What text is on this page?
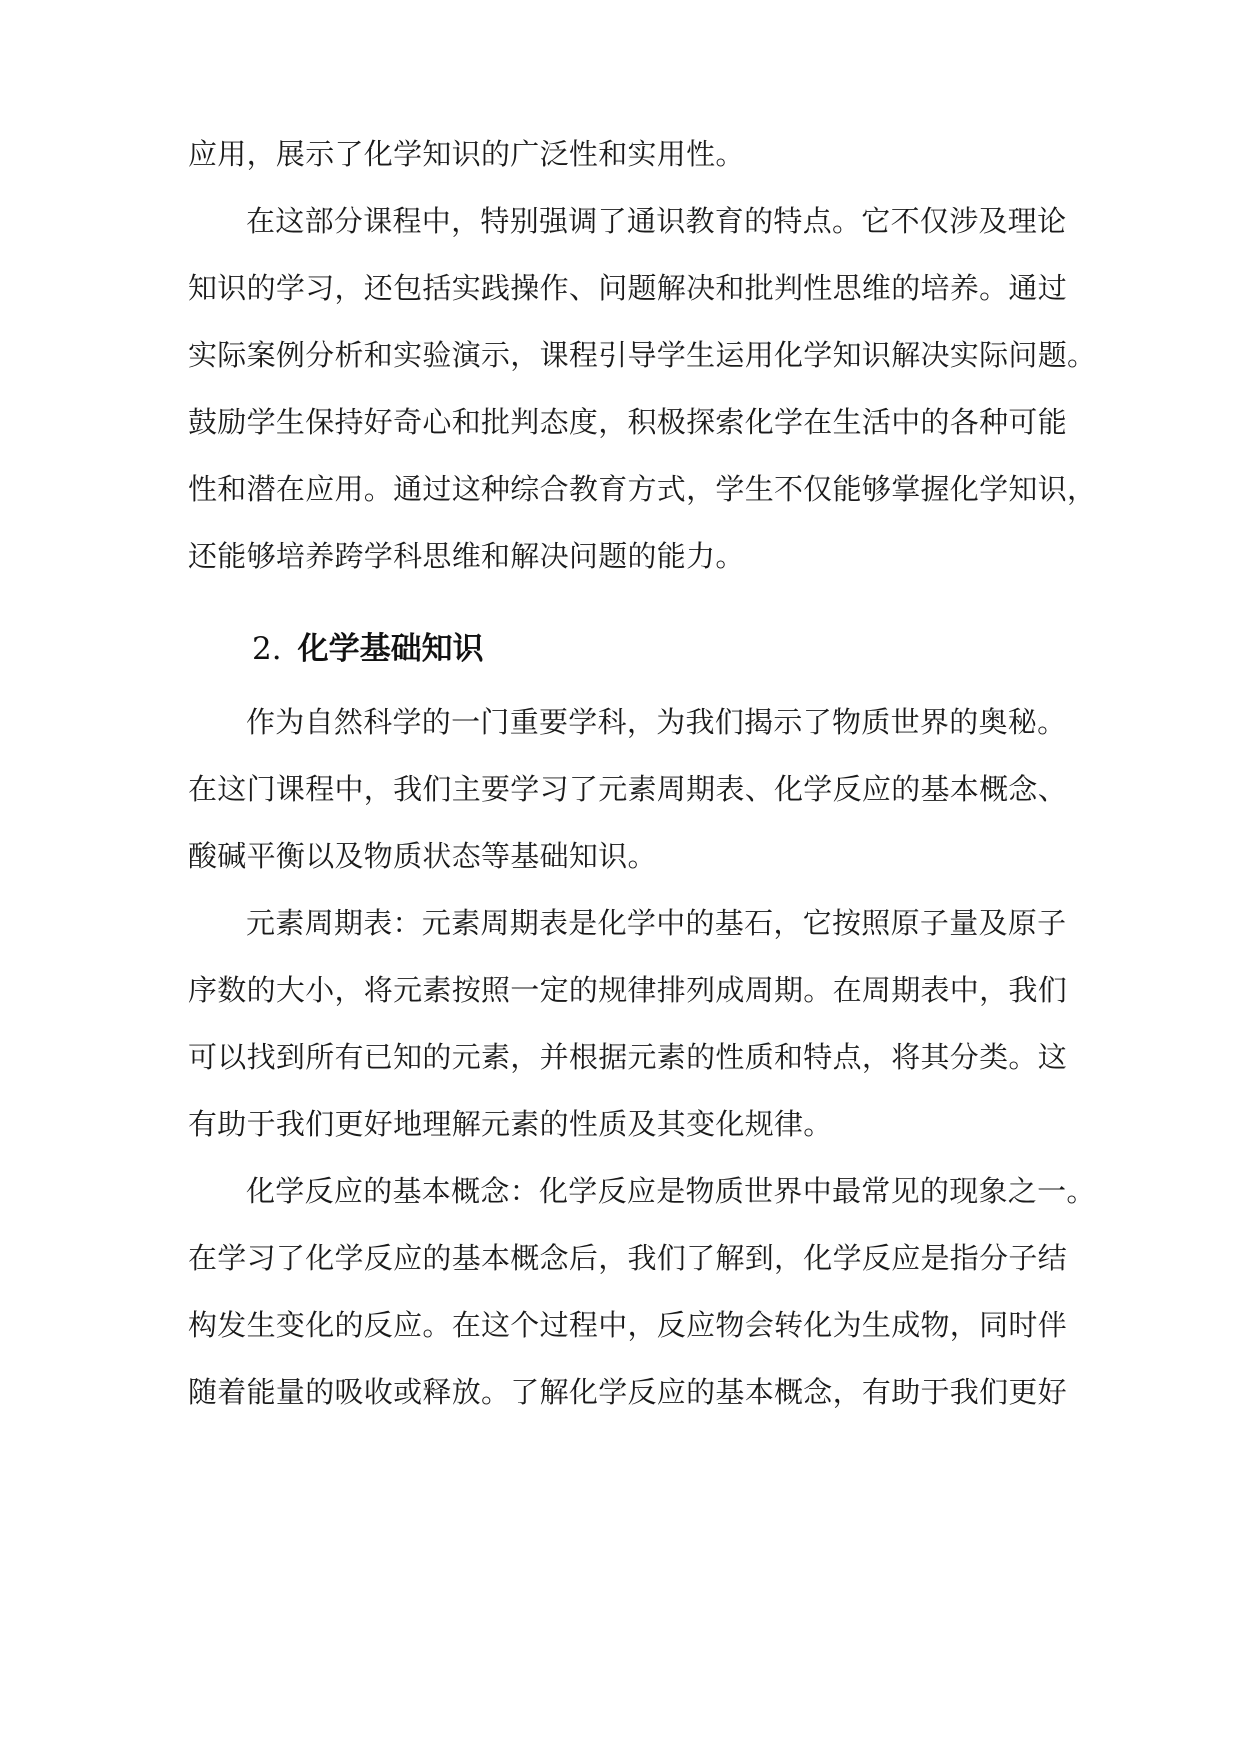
应用，展示了化学知识的广泛性和实用性。

在这部分课程中，特别强调了通识教育的特点。它不仅涉及理论

知识的学习，还包括实践操作、问题解决和批判性思维的培养。通过

实际案例分析和实验演示，课程引导学生运用化学知识解决实际问题。

鼓励学生保持好奇心和批判态度，积极探索化学在生活中的各种可能

性和潜在应用。通过这种综合教育方式，学生不仅能够掌握化学知识，

还能够培养跨学科思维和解决问题的能力。

2. 化学基础知识

作为自然科学的一门重要学科，为我们揭示了物质世界的奥秘。

在这门课程中，我们主要学习了元素周期表、化学反应的基本概念、

酸碱平衡以及物质状态等基础知识。

元素周期表：元素周期表是化学中的基石，它按照原子量及原子

序数的大小，将元素按照一定的规律排列成周期。在周期表中，我们

可以找到所有已知的元素，并根据元素的性质和特点，将其分类。这

有助于我们更好地理解元素的性质及其变化规律。

化学反应的基本概念：化学反应是物质世界中最常见的现象之一。

在学习了化学反应的基本概念后，我们了解到，化学反应是指分子结

构发生变化的反应。在这个过程中，反应物会转化为生成物，同时伴

随着能量的吸收或释放。了解化学反应的基本概念，有助于我们更好
